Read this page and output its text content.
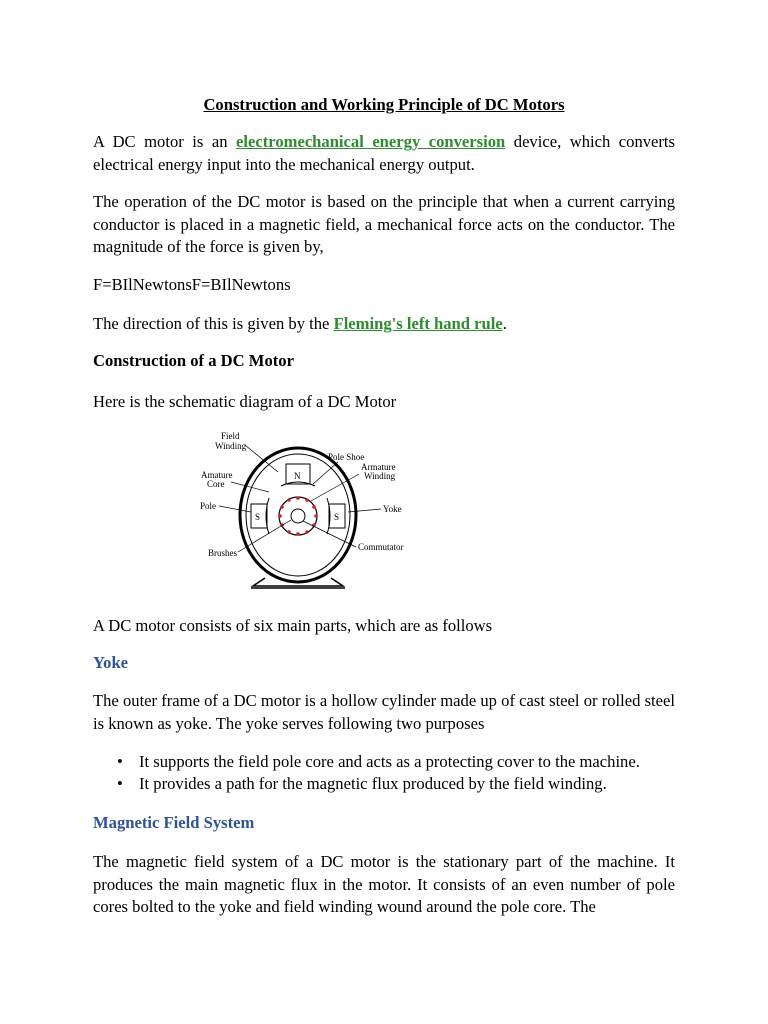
Construction and Working Principle of DC Motors

A DC motor is an electromechanical energy conversion device, which converts electrical energy input into the mechanical energy output.

The operation of the DC motor is based on the principle that when a current carrying conductor is placed in a magnetic field, a mechanical force acts on the conductor. The magnitude of the force is given by,

F=BIlNewtonsF=BIlNewtons

The direction of this is given by the Fleming's left hand rule.

Construction of a DC Motor

Here is the schematic diagram of a DC Motor

N
S	S
Field
Winding
Pole Shoe
Armature
Winding
Amature
Core
Pole	Yoke
Commutator
Brushes

A DC motor consists of six main parts, which are as follows

Yoke

The outer frame of a DC motor is a hollow cylinder made up of cast steel or rolled steel is known as yoke. The yoke serves following two purposes

• It supports the field pole core and acts as a protecting cover to the machine.
• It provides a path for the magnetic flux produced by the field winding.
Magnetic Field System

The magnetic field system of a DC motor is the stationary part of the machine. It produces the main magnetic flux in the motor. It consists of an even number of pole cores bolted to the yoke and field winding wound around the pole core. The
